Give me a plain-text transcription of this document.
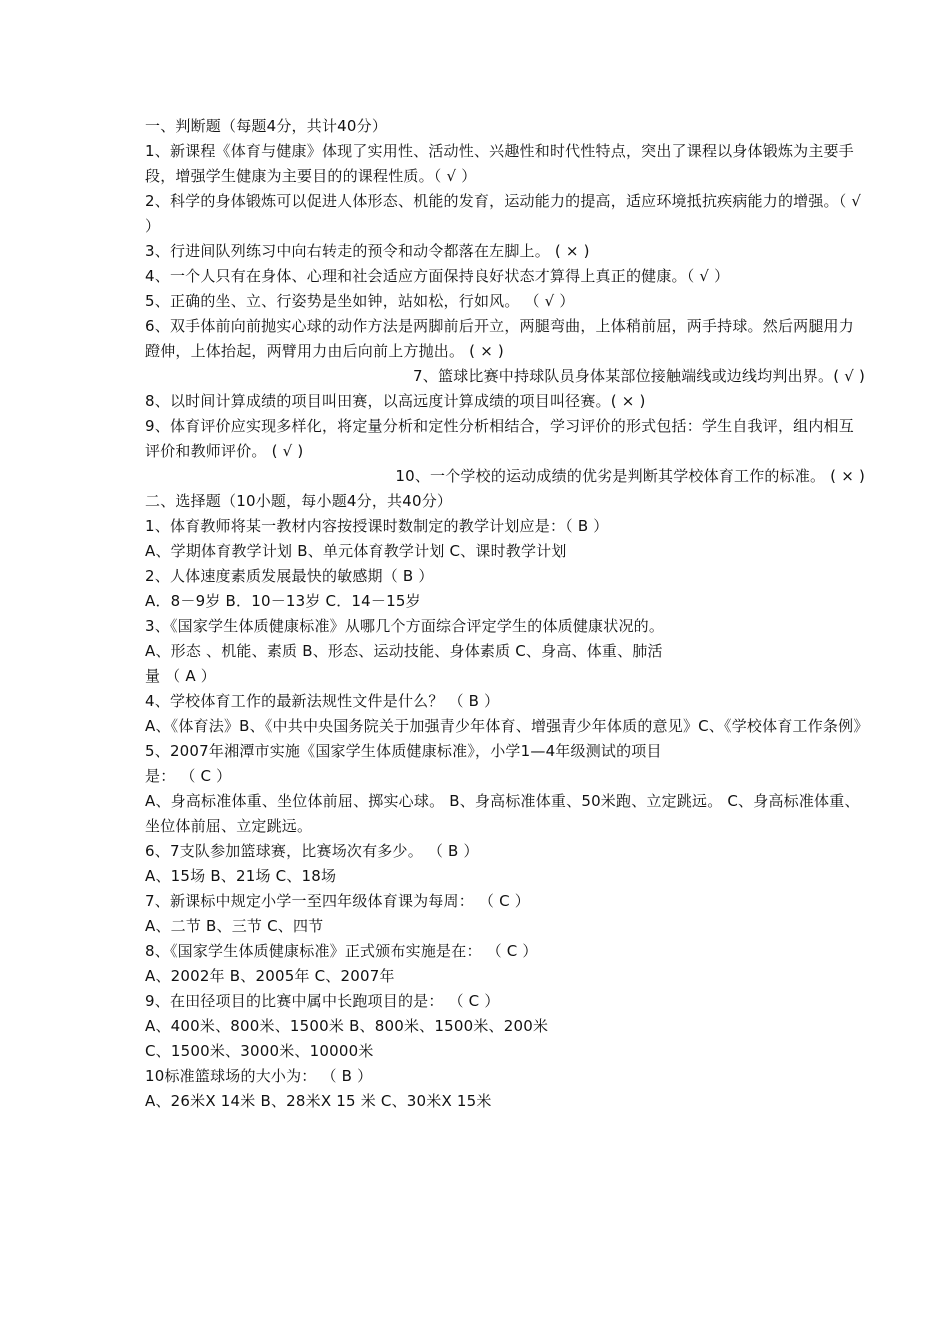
一、判断题（每题4分，共计40分）
1、新课程《体育与健康》体现了实用性、活动性、兴趣性和时代性特点，突出了课程以身体锻炼为主要手段，增强学生健康为主要目的的课程性质。（ √ ）
2、科学的身体锻炼可以促进人体形态、机能的发育，运动能力的提高，适应环境抵抗疾病能力的增强。（ √ ）
3、行进间队列练习中向右转走的预令和动令都落在左脚上。 ( × )
4、一个人只有在身体、心理和社会适应方面保持良好状态才算得上真正的健康。（ √ ）
5、正确的坐、立、行姿势是坐如钟，站如松，行如风。 （ √ ）
6、双手体前向前抛实心球的动作方法是两脚前后开立，两腿弯曲，上体稍前屈，两手持球。然后两腿用力蹬伸，上体抬起，两臂用力由后向前上方抛出。 ( × )
7、篮球比赛中持球队员身体某部位接触端线或边线均判出界。( √ )
8、以时间计算成绩的项目叫田赛，以高远度计算成绩的项目叫径赛。( × )
9、体育评价应实现多样化，将定量分析和定性分析相结合，学习评价的形式包括：学生自我评，组内相互评价和教师评价。 ( √ )
10、一个学校的运动成绩的优劣是判断其学校体育工作的标准。 ( × )
二、选择题（10小题，每小题4分，共40分）
1、体育教师将某一教材内容按授课时数制定的教学计划应是：（ B ）
A、学期体育教学计划 B、单元体育教学计划 C、课时教学计划
2、人体速度素质发展最快的敏感期（ B ）
A．8－9岁 B．10－13岁 C．14－15岁
3、《国家学生体质健康标准》从哪几个方面综合评定学生的体质健康状况的。
A、形态 、机能、素质 B、形态、运动技能、身体素质 C、身高、体重、肺活
量 （ A ）
4、学校体育工作的最新法规性文件是什么？ （ B ）
A、《体育法》B、《中共中央国务院关于加强青少年体育、增强青少年体质的意见》C、《学校体育工作条例》
5、2007年湘潭市实施《国家学生体质健康标准》，小学1—4年级测试的项目
是： （ C ）
A、身高标准体重、坐位体前屈、掷实心球。 B、身高标准体重、50米跑、立定跳远。 C、身高标准体重、坐位体前屈、立定跳远。
6、7支队参加篮球赛，比赛场次有多少。 （ B ）
A、15场 B、21场 C、18场
7、新课标中规定小学一至四年级体育课为每周： （ C ）
A、二节 B、三节 C、四节
8、《国家学生体质健康标准》正式颁布实施是在： （ C ）
A、2002年 B、2005年 C、2007年
9、在田径项目的比赛中属中长跑项目的是： （ C ）
A、400米、800米、1500米 B、800米、1500米、200米
C、1500米、3000米、10000米
10标准篮球场的大小为： （ B ）
A、26米X 14米 B、28米X 15 米 C、30米X 15米
